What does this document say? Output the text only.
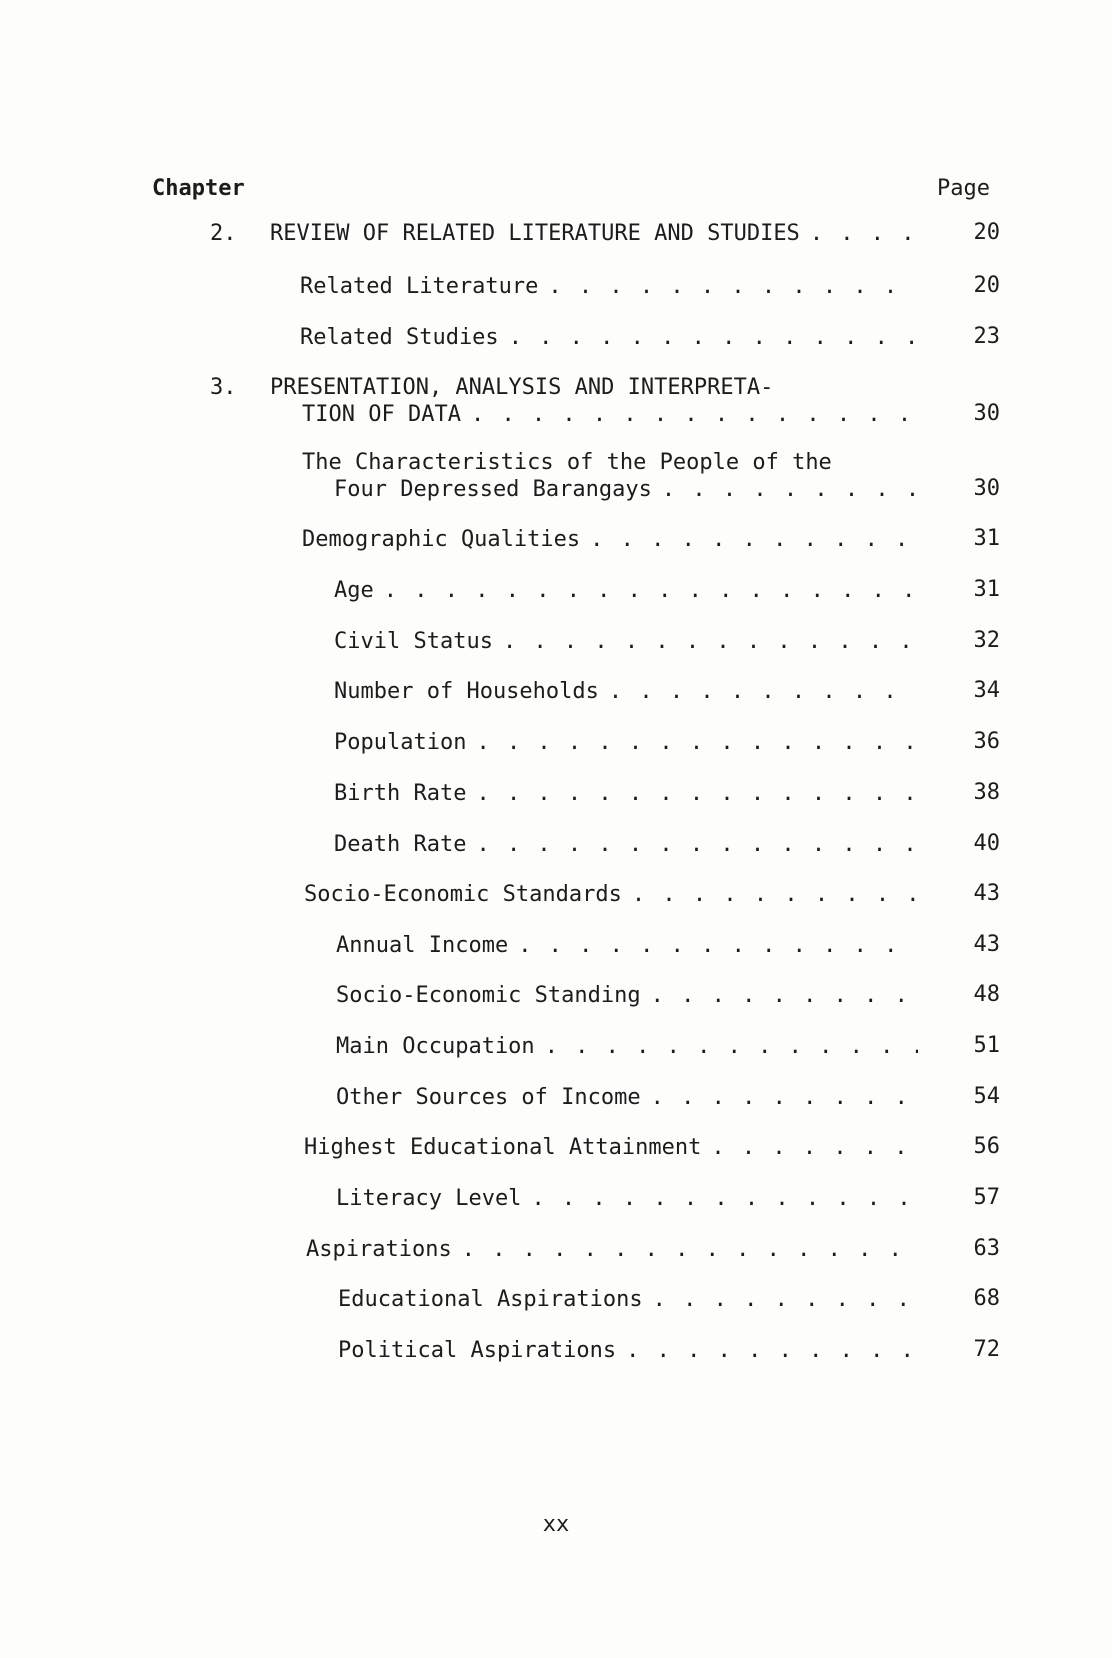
Chapter	Page
2. REVIEW OF RELATED LITERATURE AND STUDIES . . .	20
Related Literature . . .	20
Related Studies . . .	23
3. PRESENTATION, ANALYSIS AND INTERPRETA-
TION OF DATA . . .	30
The Characteristics of the People of the
Four Depressed Barangays . . .	30
Demographic Qualities . . .	31
Age . . .	31
Civil Status . . .	32
Number of Households . . .	34
Population . . .	36
Birth Rate . . .	38
Death Rate . . .	40
Socio-Economic Standards . . .	43
Annual Income . . .	43
Socio-Economic Standing . . .	48
Main Occupation . . .	51
Other Sources of Income . . .	54
Highest Educational Attainment . . .	56
Literacy Level . . .	57
Aspirations . . .	63
Educational Aspirations . . .	68
Political Aspirations . . .	72
xx
